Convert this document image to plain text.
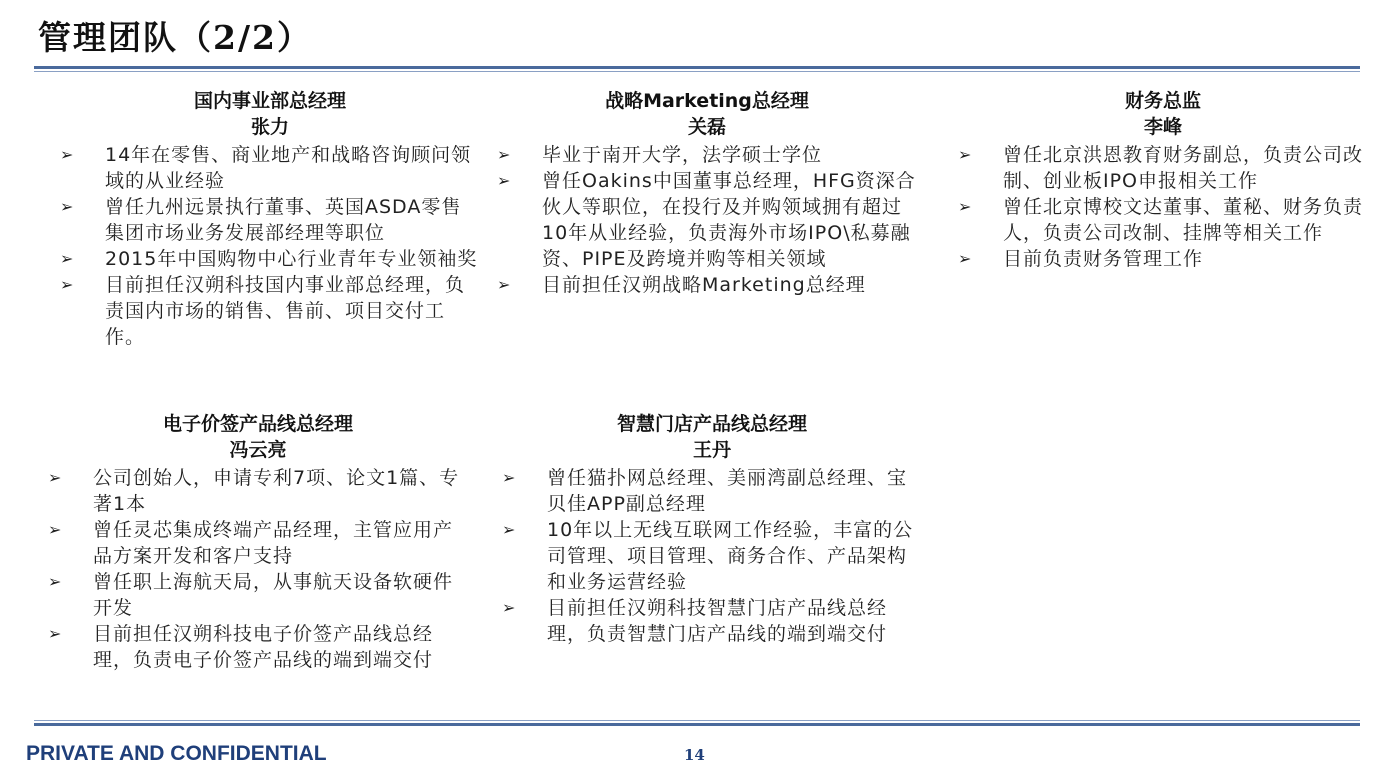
管理团队（2/2）
国内事业部总经理
张力
➢ 14年在零售、商业地产和战略咨询顾问领域的从业经验
➢ 曾任九州远景执行董事、英国ASDA零售集团市场业务发展部经理等职位
➢ 2015年中国购物中心行业青年专业领袖奖
➢ 目前担任汉朔科技国内事业部总经理，负责国内市场的销售、售前、项目交付工作。
战略Marketing总经理
关磊
➢ 毕业于南开大学，法学硕士学位
➢ 曾任Oakins中国董事总经理，HFG资深合伙人等职位，在投行及并购领域拥有超过10年从业经验，负责海外市场IPO\私募融资、PIPE及跨境并购等相关领域
➢ 目前担任汉朔战略Marketing总经理
财务总监
李峰
➢ 曾任北京洪恩教育财务副总，负责公司改制、创业板IPO申报相关工作
➢ 曾任北京博校文达董事、董秘、财务负责人，负责公司改制、挂牌等相关工作
➢ 目前负责财务管理工作
电子价签产品线总经理
冯云亮
➢ 公司创始人，申请专利7项、论文1篇、专著1本
➢ 曾任灵芯集成终端产品经理，主管应用产品方案开发和客户支持
➢ 曾任职上海航天局，从事航天设备软硬件开发
➢ 目前担任汉朔科技电子价签产品线总经理，负责电子价签产品线的端到端交付
智慧门店产品线总经理
王丹
➢ 曾任猫扑网总经理、美丽湾副总经理、宝贝佳APP副总经理
➢ 10年以上无线互联网工作经验，丰富的公司管理、项目管理、商务合作、产品架构和业务运营经验
➢ 目前担任汉朔科技智慧门店产品线总经理，负责智慧门店产品线的端到端交付
PRIVATE AND CONFIDENTIAL	14
